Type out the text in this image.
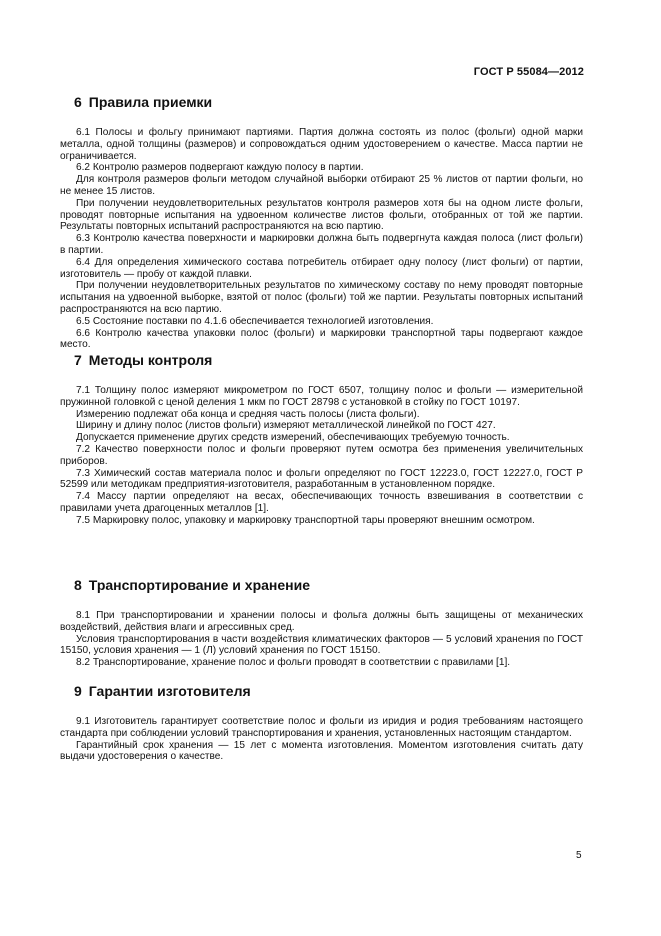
ГОСТ Р 55084—2012
6 Правила приемки

6.1 Полосы и фольгу принимают партиями. Партия должна состоять из полос (фольги) одной марки металла, одной толщины (размеров) и сопровождаться одним удостоверением о качестве. Масса партии не ограничивается.

6.2 Контролю размеров подвергают каждую полосу в партии.

Для контроля размеров фольги методом случайной выборки отбирают 25 % листов от партии фольги, но не менее 15 листов.

При получении неудовлетворительных результатов контроля размеров хотя бы на одном листе фольги, проводят повторные испытания на удвоенном количестве листов фольги, отобранных от той же партии. Результаты повторных испытаний распространяются на всю партию.

6.3 Контролю качества поверхности и маркировки должна быть подвергнута каждая полоса (лист фольги) в партии.

6.4 Для определения химического состава потребитель отбирает одну полосу (лист фольги) от партии, изготовитель — пробу от каждой плавки.

При получении неудовлетворительных результатов по химическому составу по нему проводят повторные испытания на удвоенной выборке, взятой от полос (фольги) той же партии. Результаты повторных испытаний распространяются на всю партию.

6.5 Состояние поставки по 4.1.6 обеспечивается технологией изготовления.

6.6 Контролю качества упаковки полос (фольги) и маркировки транспортной тары подвергают каждое место.

7 Методы контроля

7.1 Толщину полос измеряют микрометром по ГОСТ 6507, толщину полос и фольги — измерительной пружинной головкой с ценой деления 1 мкм по ГОСТ 28798 с установкой в стойку по ГОСТ 10197.

Измерению подлежат оба конца и средняя часть полосы (листа фольги).

Ширину и длину полос (листов фольги) измеряют металлической линейкой по ГОСТ 427.

Допускается применение других средств измерений, обеспечивающих требуемую точность.

7.2 Качество поверхности полос и фольги проверяют путем осмотра без применения увеличительных приборов.

7.3 Химический состав материала полос и фольги определяют по ГОСТ 12223.0, ГОСТ 12227.0, ГОСТ Р 52599 или методикам предприятия-изготовителя, разработанным в установленном порядке.

7.4 Массу партии определяют на весах, обеспечивающих точность взвешивания в соответствии с правилами учета драгоценных металлов [1].

7.5 Маркировку полос, упаковку и маркировку транспортной тары проверяют внешним осмотром.

8 Транспортирование и хранение

8.1 При транспортировании и хранении полосы и фольга должны быть защищены от механических воздействий, действия влаги и агрессивных сред.

Условия транспортирования в части воздействия климатических факторов — 5 условий хранения по ГОСТ 15150, условия хранения — 1 (Л) условий хранения по ГОСТ 15150.

8.2 Транспортирование, хранение полос и фольги проводят в соответствии с правилами [1].

9 Гарантии изготовителя

9.1 Изготовитель гарантирует соответствие полос и фольги из иридия и родия требованиям настоящего стандарта при соблюдении условий транспортирования и хранения, установленных настоящим стандартом.

Гарантийный срок хранения — 15 лет с момента изготовления. Моментом изготовления считать дату выдачи удостоверения о качестве.

5
